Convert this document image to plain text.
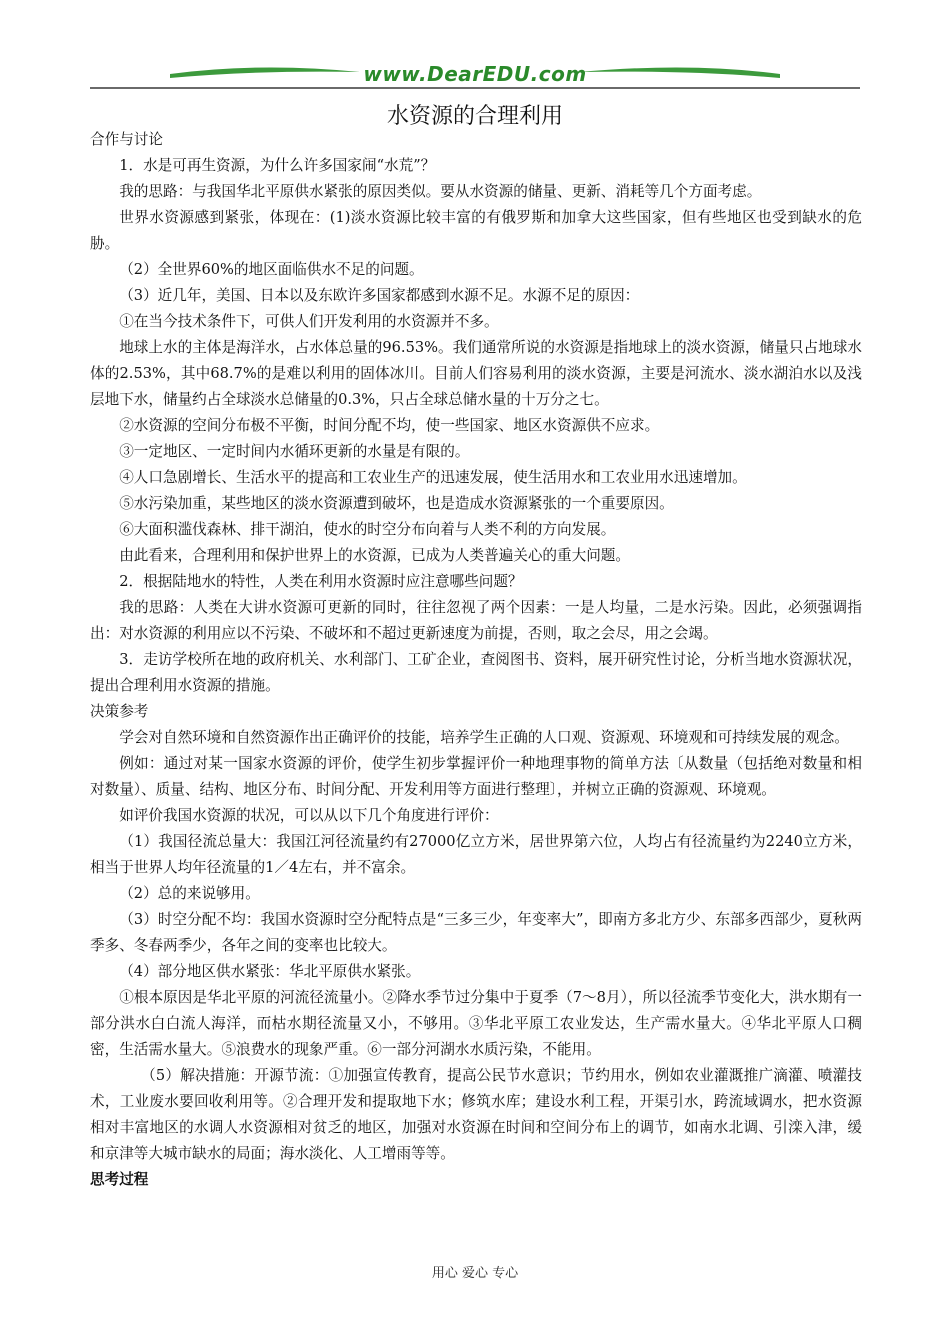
www.DearEDU.com
水资源的合理利用

合作与讨论

1．水是可再生资源，为什么许多国家闹“水荒”？

我的思路：与我国华北平原供水紧张的原因类似。要从水资源的储量、更新、消耗等几个方面考虑。

世界水资源感到紧张，体现在：(1)淡水资源比较丰富的有俄罗斯和加拿大这些国家，但有些地区也受到缺水的危胁。

（2）全世界60%的地区面临供水不足的问题。

（3）近几年，美国、日本以及东欧许多国家都感到水源不足。水源不足的原因：

①在当今技术条件下，可供人们开发利用的水资源并不多。

地球上水的主体是海洋水，占水体总量的96.53%。我们通常所说的水资源是指地球上的淡水资源，储量只占地球水体的2.53%，其中68.7%的是难以利用的固体冰川。目前人们容易利用的淡水资源，主要是河流水、淡水湖泊水以及浅层地下水，储量约占全球淡水总储量的0.3%，只占全球总储水量的十万分之七。

②水资源的空间分布极不平衡，时间分配不均，使一些国家、地区水资源供不应求。

③一定地区、一定时间内水循环更新的水量是有限的。

④人口急剧增长、生活水平的提高和工农业生产的迅速发展，使生活用水和工农业用水迅速增加。

⑤水污染加重，某些地区的淡水资源遭到破坏，也是造成水资源紧张的一个重要原因。

⑥大面积滥伐森林、排干湖泊，使水的时空分布向着与人类不利的方向发展。

由此看来，合理利用和保护世界上的水资源，已成为人类普遍关心的重大问题。

2．根据陆地水的特性，人类在利用水资源时应注意哪些问题？

我的思路：人类在大讲水资源可更新的同时，往往忽视了两个因素：一是人均量，二是水污染。因此，必须强调指出：对水资源的利用应以不污染、不破坏和不超过更新速度为前提，否则，取之会尽，用之会竭。

3．走访学校所在地的政府机关、水利部门、工矿企业，查阅图书、资料，展开研究性讨论，分析当地水资源状况，提出合理利用水资源的措施。

决策参考

学会对自然环境和自然资源作出正确评价的技能，培养学生正确的人口观、资源观、环境观和可持续发展的观念。

例如：通过对某一国家水资源的评价，使学生初步掌握评价一种地理事物的简单方法〔从数量（包括绝对数量和相对数量）、质量、结构、地区分布、时间分配、开发利用等方面进行整理〕，并树立正确的资源观、环境观。

如评价我国水资源的状况，可以从以下几个角度进行评价：

（1）我国径流总量大：我国江河径流量约有27000亿立方米，居世界第六位，人均占有径流量约为2240立方米，相当于世界人均年径流量的1／4左右，并不富余。

（2）总的来说够用。

（3）时空分配不均：我国水资源时空分配特点是“三多三少，年变率大”，即南方多北方少、东部多西部少，夏秋两季多、冬春两季少，各年之间的变率也比较大。

（4）部分地区供水紧张：华北平原供水紧张。

①根本原因是华北平原的河流径流量小。②降水季节过分集中于夏季（7～8月），所以径流季节变化大，洪水期有一部分洪水白白流人海洋，而枯水期径流量又小，不够用。③华北平原工农业发达，生产需水量大。④华北平原人口稠密，生活需水量大。⑤浪费水的现象严重。⑥一部分河湖水水质污染，不能用。

（5）解决措施：开源节流：①加强宣传教育，提高公民节水意识；节约用水，例如农业灌溉推广滴灌、喷灌技术，工业废水要回收利用等。②合理开发和提取地下水；修筑水库；建设水利工程，开渠引水，跨流域调水，把水资源相对丰富地区的水调人水资源相对贫乏的地区，加强对水资源在时间和空间分布上的调节，如南水北调、引滦入津，缓和京津等大城市缺水的局面；海水淡化、人工增雨等等。

思考过程

用心 爱心 专心
